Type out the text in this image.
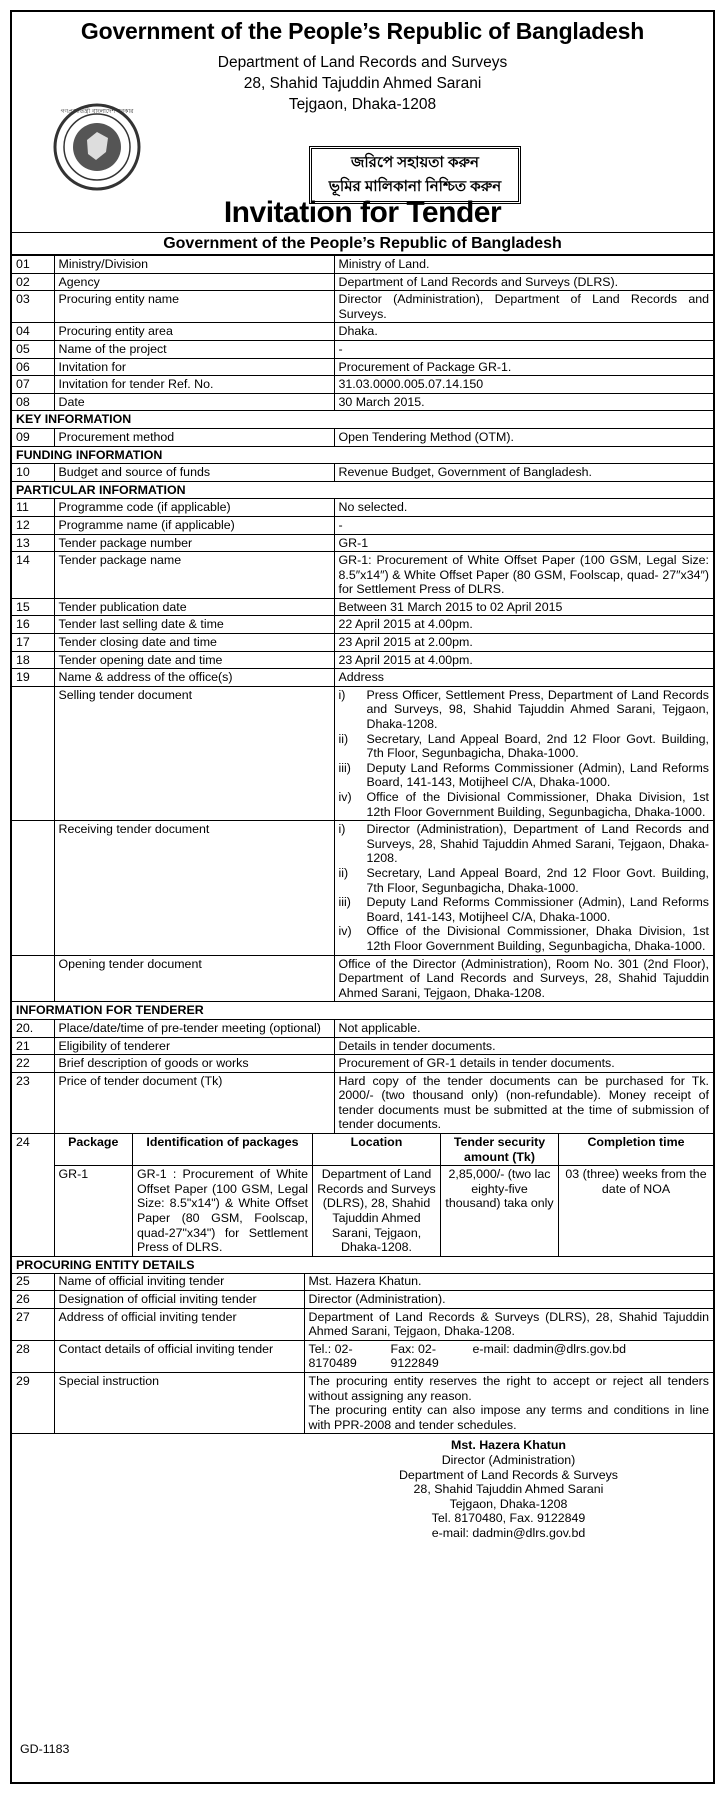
Government of the People’s Republic of Bangladesh
Department of Land Records and Surveys
28, Shahid Tajuddin Ahmed Sarani
Tejgaon, Dhaka-1208
গণপ্রজাতন্ত্রী বাংলাদেশ সরকার
জরিপে সহায়তা করুন
ভূমির মালিকানা নিশ্চিত করুন
Invitation for Tender
Government of the People’s Republic of Bangladesh
01	Ministry/Division	Ministry of Land.
02	Agency	Department of Land Records and Surveys (DLRS).
03	Procuring entity name	Director (Administration), Department of Land Records and Surveys.
04	Procuring entity area	Dhaka.
05	Name of the project	-
06	Invitation for	Procurement of Package GR-1.
07	Invitation for tender Ref. No.	31.03.0000.005.07.14.150
08	Date	30 March 2015.
KEY INFORMATION
09	Procurement method	Open Tendering Method (OTM).
FUNDING INFORMATION
10	Budget and source of funds	Revenue Budget, Government of Bangladesh.
PARTICULAR INFORMATION
11	Programme code (if applicable)	No selected.
12	Programme name (if applicable)	-
13	Tender package number	GR-1
14	Tender package name	GR-1: Procurement of White Offset Paper (100 GSM, Legal Size: 8.5″x14″) & White Offset Paper (80 GSM, Foolscap, quad- 27″x34″) for Settlement Press of DLRS.
15	Tender publication date	Between 31 March 2015 to 02 April 2015
16	Tender last selling date & time	22 April 2015 at 4.00pm.
17	Tender closing date and time	23 April 2015 at 2.00pm.
18	Tender opening date and time	23 April 2015 at 4.00pm.
19	Name & address of the office(s)	Address
	Selling tender document	i)	Press Officer, Settlement Press, Department of Land Records and Surveys, 98, Shahid Tajuddin Ahmed Sarani, Tejgaon, Dhaka-1208.
ii)	Secretary, Land Appeal Board, 2nd 12 Floor Govt. Building, 7th Floor, Segunbagicha, Dhaka-1000.
iii)	Deputy Land Reforms Commissioner (Admin), Land Reforms Board, 141-143, Motijheel C/A, Dhaka-1000.
iv)	Office of the Divisional Commissioner, Dhaka Division, 1st 12th Floor Government Building, Segunbagicha, Dhaka-1000.

	Receiving tender document	i)	Director (Administration), Department of Land Records and Surveys, 28, Shahid Tajuddin Ahmed Sarani, Tejgaon, Dhaka-1208.
ii)	Secretary, Land Appeal Board, 2nd 12 Floor Govt. Building, 7th Floor, Segunbagicha, Dhaka-1000.
iii)	Deputy Land Reforms Commissioner (Admin), Land Reforms Board, 141-143, Motijheel C/A, Dhaka-1000.
iv)	Office of the Divisional Commissioner, Dhaka Division, 1st 12th Floor Government Building, Segunbagicha, Dhaka-1000.

	Opening tender document	Office of the Director (Administration), Room No. 301 (2nd Floor), Department of Land Records and Surveys, 28, Shahid Tajuddin Ahmed Sarani, Tejgaon, Dhaka-1208.
INFORMATION FOR TENDERER
20.	Place/date/time of pre-tender meeting (optional)	Not applicable.
21	Eligibility of tenderer	Details in tender documents.
22	Brief description of goods or works	Procurement of GR-1 details in tender documents.
23	Price of tender document (Tk)	Hard copy of the tender documents can be purchased for Tk. 2000/- (two thousand only) (non-refundable). Money receipt of tender documents must be submitted at the time of submission of tender documents.
24		Package	Identification of packages	Location	Tender security amount (Tk)	Completion time
GR-1	GR-1 : Procurement of White Offset Paper (100 GSM, Legal Size: 8.5"x14") & White Offset Paper (80 GSM, Foolscap, quad-27"x34") for Settlement Press of DLRS.	Department of Land Records and Surveys (DLRS), 28, Shahid Tajuddin Ahmed Sarani, Tejgaon, Dhaka-1208.	2,85,000/- (two lac eighty-five thousand) taka only	03 (three) weeks from the date of NOA

PROCURING ENTITY DETAILS
25	Name of official inviting tender	Mst. Hazera Khatun.
26	Designation of official inviting tender	Director (Administration).
27	Address of official inviting tender	Department of Land Records & Surveys (DLRS), 28, Shahid Tajuddin Ahmed Sarani, Tejgaon, Dhaka-1208.
28	Contact details of official inviting tender	Tel.: 02-8170489
Fax: 02-9122849
e-mail: dadmin@dlrs.gov.bd

29	Special instruction	The procuring entity reserves the right to accept or reject all tenders without assigning any reason.
The procuring entity can also impose any terms and conditions in line with PPR-2008 and tender schedules.
Mst. Hazera Khatun
Director (Administration)
Department of Land Records & Surveys
28, Shahid Tajuddin Ahmed Sarani
Tejgaon, Dhaka-1208
Tel. 8170480, Fax. 9122849
e-mail: dadmin@dlrs.gov.bd
GD-1183
